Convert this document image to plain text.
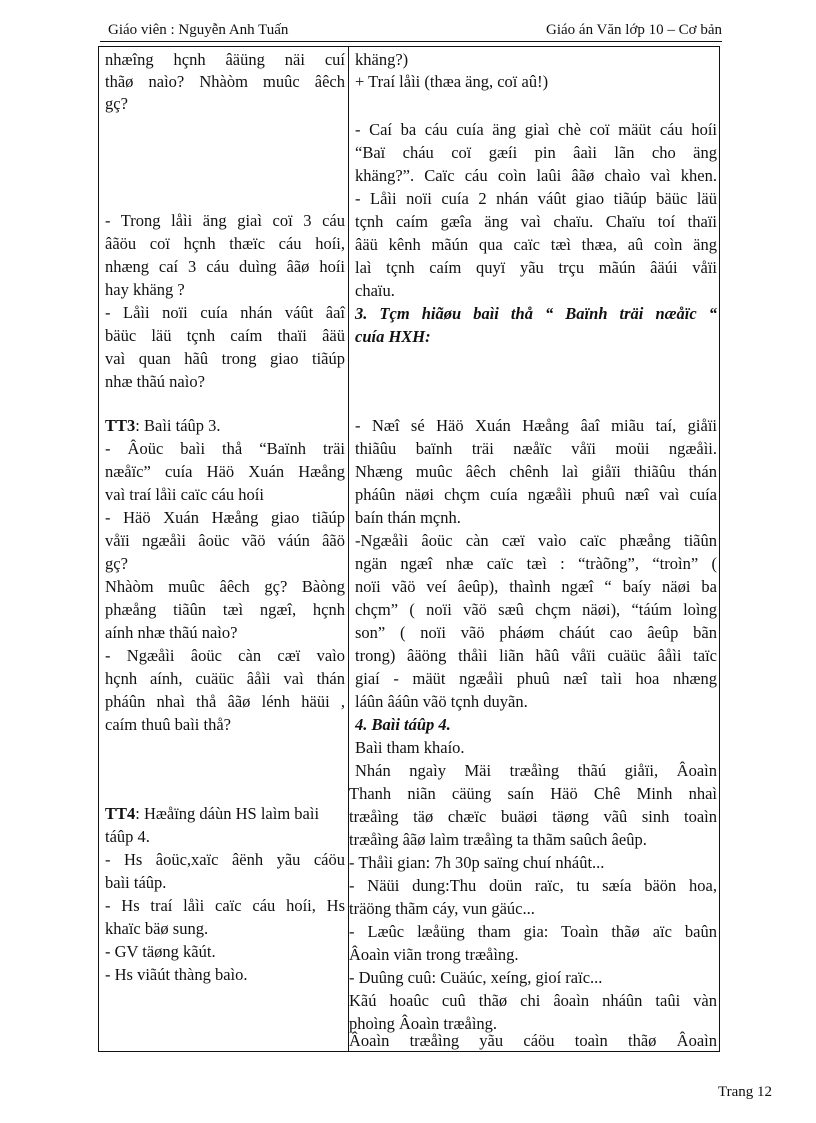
Giáo viên : Nguyễn Anh Tuấn	Giáo án Văn lớp 10 – Cơ bản
nhæîng hçnh âäüng näi cuí
thãø naìo? Nhàòm muûc âêch
gç?
- Trong låìi äng giaì coï 3 cáu
âãöu coï hçnh thæïc cáu hoíi,
nhæng caí 3 cáu duìng âãø hoíi
hay khäng ?
- Låìi noïi cuía nhán váût âaî
bäüc läü tçnh caím thaïi âäü
vaì quan hãû trong giao tiãúp
nhæ thãú naìo?
TT3: Baìi táûp 3.
- Âoüc baìi thå “Baïnh träi
næåïc” cuía Häö Xuán Hæång
vaì traí låìi caïc cáu hoíi
- Häö Xuán Hæång giao tiãúp
våïi ngæåìi âoüc vãö váún âãö
gç?
Nhàòm muûc âêch gç? Bàòng
phæång tiãûn tæì ngæî, hçnh
aính nhæ thãú naìo?
- Ngæåìi âoüc càn cæï vaìo
hçnh aính, cuäüc âåìi vaì thán
pháûn nhaì thå âãø lénh häüi ,
caím thuû baìi thå?
TT4: Hæåïng dáùn HS laìm baìi
táûp 4.
- Hs âoüc,xaïc âënh yãu cáöu
baìi táûp.
- Hs traí låìi caïc cáu hoíi, Hs
khaïc bäø sung.
- GV täøng kãút.
- Hs viãút thàng baìo.
khäng?)
+ Traí låìi (thæa äng, coï aû!)
- Caí ba cáu cuía äng giaì chè coï mäüt cáu hoíi
“Baï cháu coï gæíi pin âaìi lãn cho äng
khäng?”. Caïc cáu coìn laûi âãø chaìo vaì khen.
- Låìi noïi cuía 2 nhán váût giao tiãúp bäüc läü
tçnh caím gæîa äng vaì chaïu. Chaïu toí thaïi
âäü kênh mãún qua caïc tæì thæa, aû coìn äng
laì tçnh caím quyï yãu trçu mãún âäúi våïi
chaïu.
3. Tçm hiãøu baìi thå “ Baïnh träi næåïc “
cuía HXH:
- Næî sé Häö Xuán Hæång âaî miãu taí, giåïi
thiãûu baïnh träi næåïc våïi moüi ngæåìi.
Nhæng muûc âêch chênh laì giåïi thiãûu thán
pháûn näøi chçm cuía ngæåìi phuû næî vaì cuía
baín thán mçnh.
-Ngæåìi âoüc càn cæï vaìo caïc phæång tiãûn
ngän ngæî nhæ caïc tæì : “tràõng”, “troìn” (
noïi vãö veí âeûp), thaình ngæî “ baíy näøi ba
chçm” ( noïi vãö sæû chçm näøi), “táúm loìng
son” ( noïi vãö pháøm cháút cao âeûp bãn
trong) âäöng thåìi liãn hãû våïi cuäüc âåìi taïc
giaí - mäüt ngæåìi phuû næî taìi hoa nhæng
láûn âáûn vãö tçnh duyãn.
4. Baìi táûp 4.
Baìi tham khaío.
Nhán ngaìy Mäi træåìng thãú giåïi, Âoaìn
Thanh niãn cäüng saín Häö Chê Minh nhaì
træåìng täø chæïc buäøi täøng vãû sinh toaìn
træåìng âãø laìm træåìng ta thãm saûch âeûp.
- Thåìi gian: 7h 30p saïng chuí nháût...
- Näüi dung:Thu doün raïc, tu sæía bäön hoa,
träöng thãm cáy, vun gäúc...
- Læûc læåüng tham gia: Toaìn thãø aïc baûn
Âoaìn viãn trong træåìng.
- Duûng cuû: Cuäúc, xeíng, gioí raïc...
Kãú hoaûc cuû thãø chi âoaìn nháûn taûi vàn
phoìng Âoaìn træåìng.
Âoaìn træåìng yãu cáöu toaìn thãø Âoaìn
Trang 12
